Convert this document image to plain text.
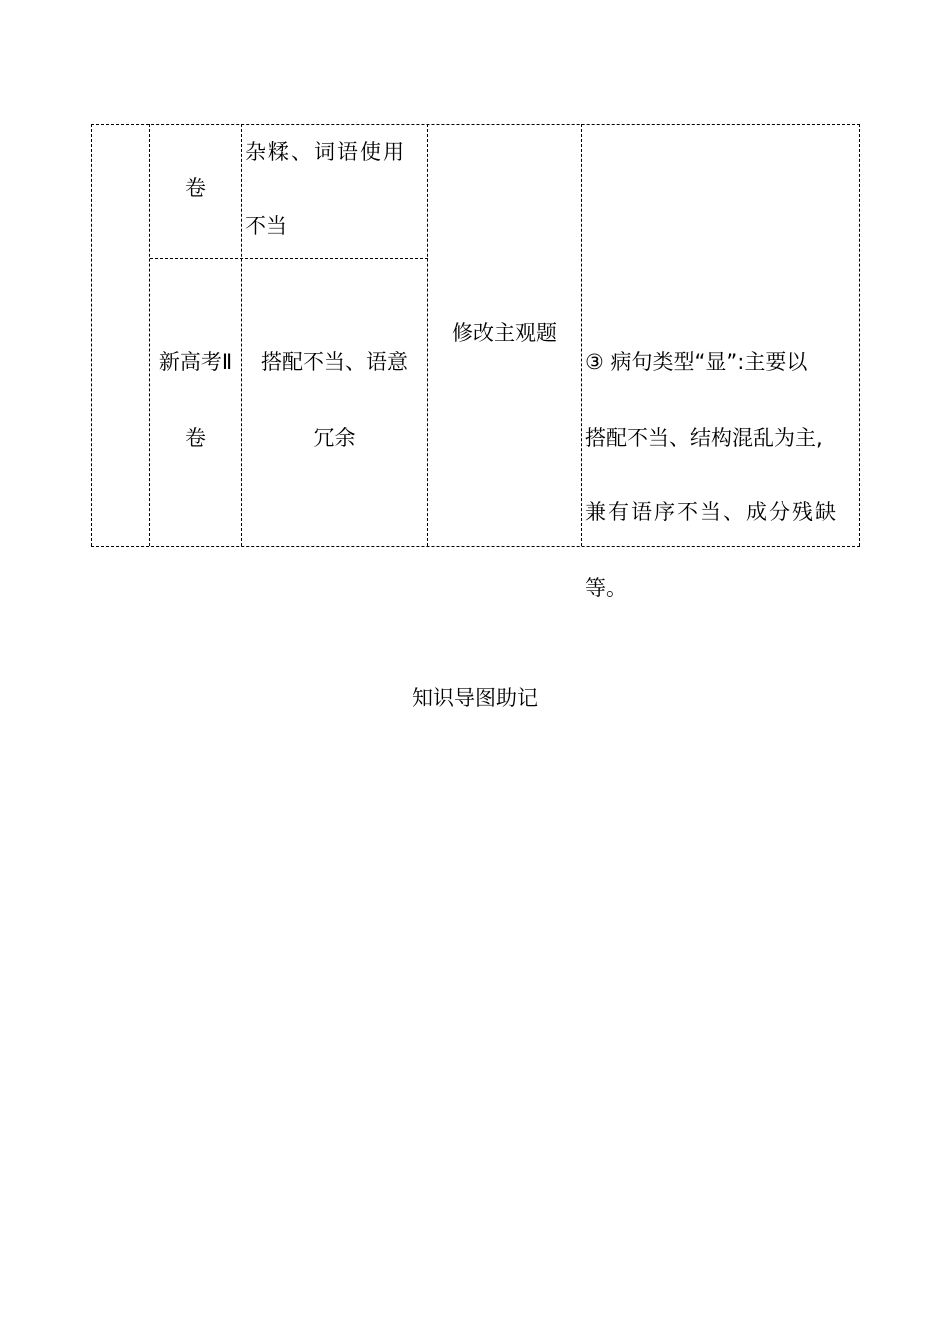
卷
杂糅、词语使用
不当
新高考Ⅱ
卷
搭配不当、语意
冗余
修改主观题
③ 病句类型“显”:主要以
搭配不当、结构混乱为主,
兼有语序不当、成分残缺
等。
知识导图助记
